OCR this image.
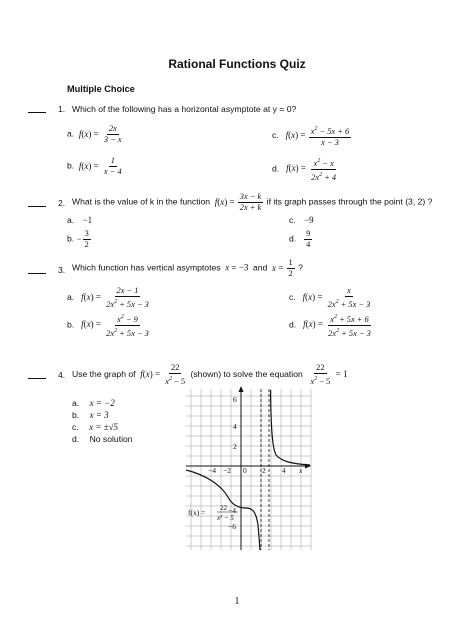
Rational Functions Quiz
Multiple Choice
1. Which of the following has a horizontal asymptote at y = 0?
a.  $f(x) = \frac{2x}{3 - x}$	c.   $f(x) = \frac{x^2 - 5x + 6}{x - 3}$
b.  $f(x) = \frac{1}{x - 4}$	d.   $f(x) = \frac{x^2 - x}{2x^2 + 4}$
2. What is the value of k in the function  $f(x) = \frac{3x - k}{2x + k}$ if its graph passes through the point (3, 2) ?
a. −1	c. −9
b. − $\frac{3}{2}$	d. $\frac{9}{4}$
3. Which function has vertical asymptotes  x = −3 and  $x = \frac{1}{2}$ ?
a.   $f(x) = \frac{2x - 1}{2x^2 + 5x - 3}$	c.   $f(x) = \frac{x}{2x^2 + 5x - 3}$
b.   $f(x) = \frac{x^2 - 9}{2x^2 + 5x - 3}$	d.   $f(x) = \frac{x^2 + 5x + 6}{2x^2 + 5x - 3}$
4. Use the graph of  $f(x) = \frac{22}{x^2 - 5}$ (shown) to solve the equation $\frac{22}{x^2 - 5} = 1$
a. x = −2
b. x = 3
c. x = ±√5
d. No solution
6
4
2
−4
−6
−4 −2 0 2 4 x
f(x) = 22
x² − 5
1
